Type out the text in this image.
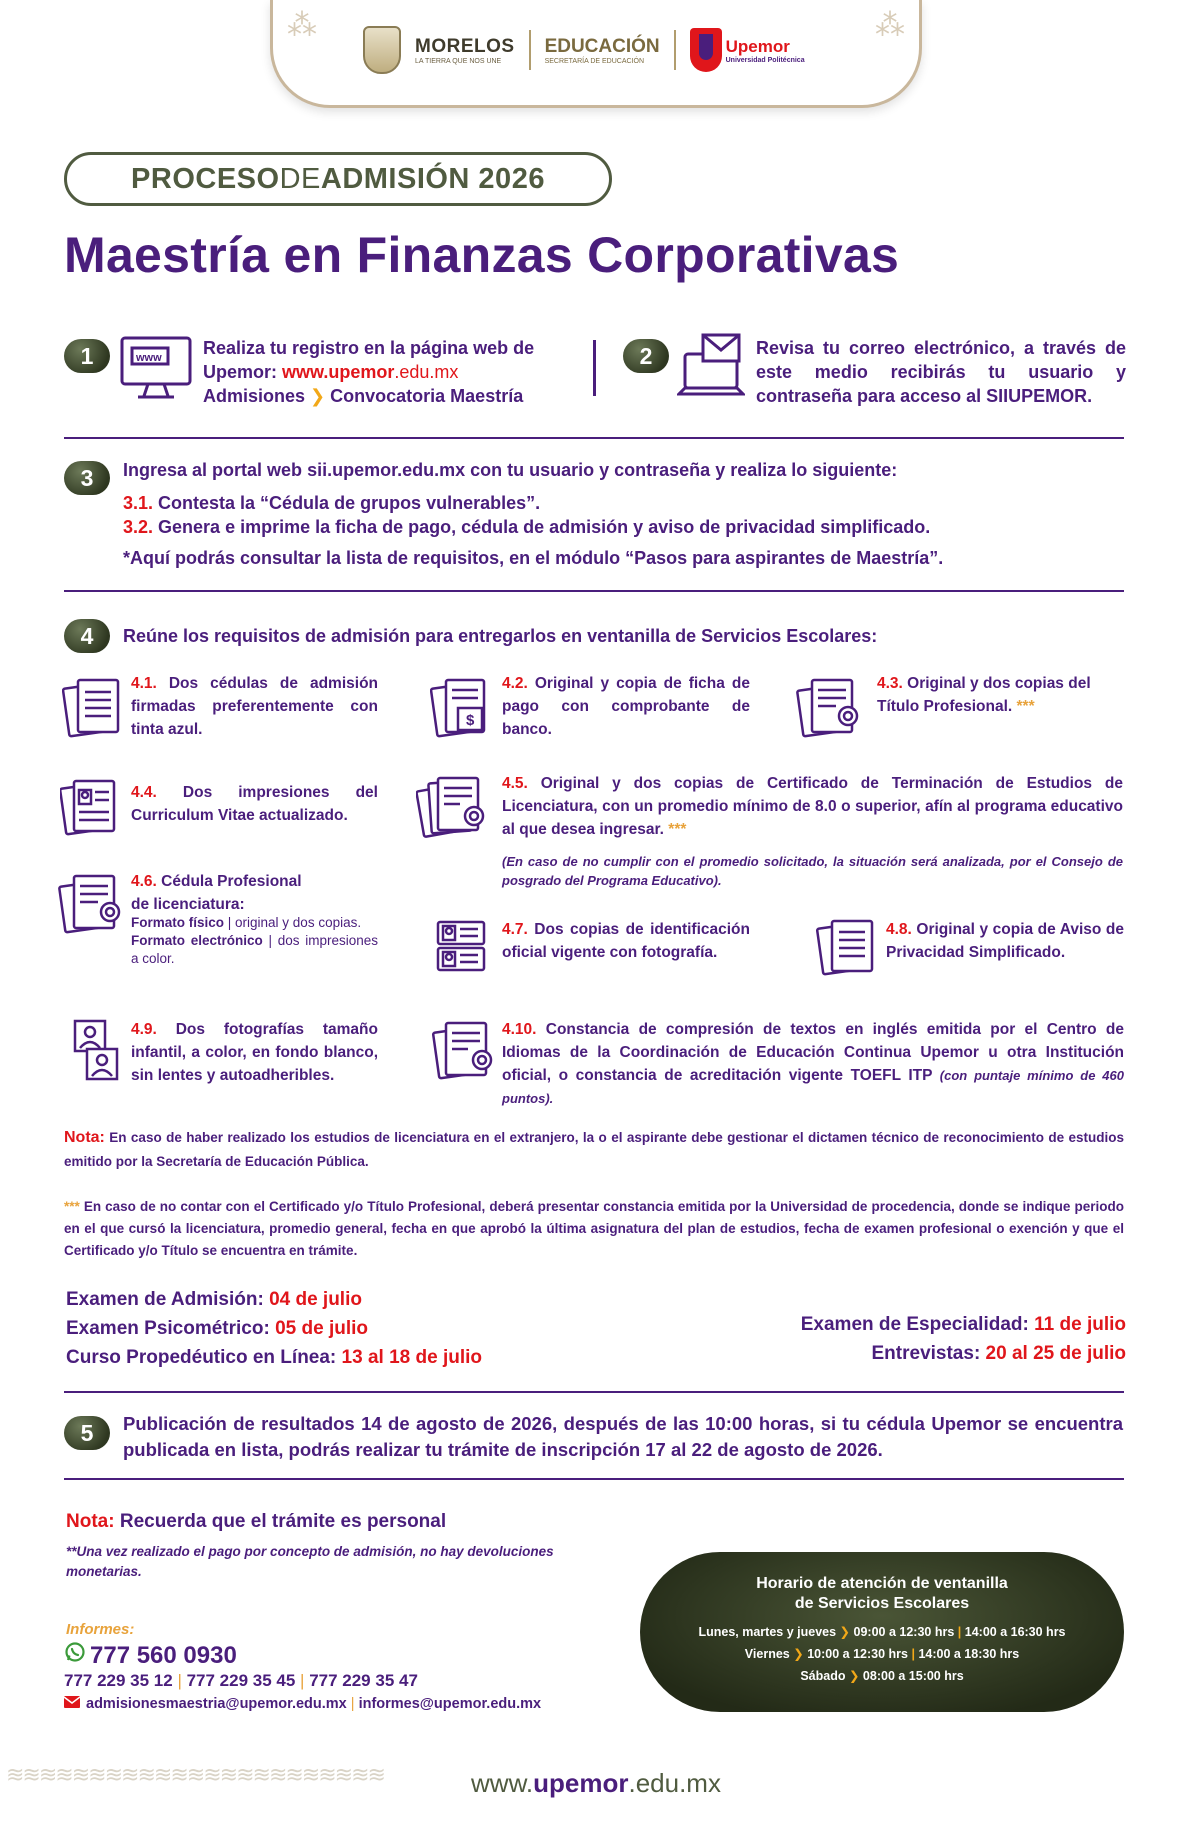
⁂	⁂
MORELOS
LA TIERRA QUE NOS UNE
EDUCACIÓN
SECRETARÍA DE EDUCACIÓN
Upemor
Universidad Politécnica
PROCESO DE ADMISIÓN 2026
Maestría en Finanzas Corporativas
1	www Realiza tu registro en la página web de
Upemor: www.upemor.edu.mx
Admisiones ❯ Convocatoria Maestría
2	Revisa tu correo electrónico, a través de este medio recibirás tu usuario y contraseña para acceso al SIIUPEMOR.
3	Ingresa al portal web sii.upemor.edu.mx con tu usuario y contraseña y realiza lo siguiente:
3.1. Contesta la “Cédula de grupos vulnerables”.
3.2. Genera e imprime la ficha de pago, cédula de admisión y aviso de privacidad simplificado.
*Aquí podrás consultar la lista de requisitos, en el módulo “Pasos para aspirantes de Maestría”.
4	Reúne los requisitos de admisión para entregarlos en ventanilla de Servicios Escolares:
4.1. Dos cédulas de admisión firmadas preferentemente con tinta azul.
$
4.2. Original y copia de ficha de pago con comprobante de banco.
4.3. Original y dos copias del Título Profesional. ***
4.4. Dos impresiones del Curriculum Vitae actualizado.
4.5. Original y dos copias de Certificado de Terminación de Estudios de Licenciatura, con un promedio mínimo de 8.0 o superior, afín al programa educativo al que desea ingresar. ***
(En caso de no cumplir con el promedio solicitado, la situación será analizada, por el Consejo de posgrado del Programa Educativo).
4.6. Cédula Profesional
de licenciatura:
Formato físico | original y dos copias.
Formato electrónico | dos impresiones a color.
4.7. Dos copias de identificación oficial vigente con fotografía.
4.8. Original y copia de Aviso de Privacidad Simplificado.
4.9. Dos fotografías tamaño infantil, a color, en fondo blanco, sin lentes y autoadheribles.
4.10. Constancia de compresión de textos en inglés emitida por el Centro de Idiomas de la Coordinación de Educación Continua Upemor u otra Institución oficial, o constancia de acreditación vigente TOEFL ITP (con puntaje mínimo de 460 puntos).
Nota: En caso de haber realizado los estudios de licenciatura en el extranjero, la o el aspirante debe gestionar el dictamen técnico de reconocimiento de estudios emitido por la Secretaría de Educación Pública.
*** En caso de no contar con el Certificado y/o Título Profesional, deberá presentar constancia emitida por la Universidad de procedencia, donde se indique periodo en el que cursó la licenciatura, promedio general, fecha en que aprobó la última asignatura del plan de estudios, fecha de examen profesional o exención y que el Certificado y/o Título se encuentra en trámite.
Examen de Admisión: 04 de julio
Examen Psicométrico: 05 de julio
Curso Propedéutico en Línea: 13 al 18 de julio
Examen de Especialidad: 11 de julio
Entrevistas: 20 al 25 de julio
5	Publicación de resultados 14 de agosto de 2026, después de las 10:00 horas, si tu cédula Upemor se encuentra publicada en lista, podrás realizar tu trámite de inscripción 17 al 22 de agosto de 2026.
Nota: Recuerda que el trámite es personal
**Una vez realizado el pago por concepto de admisión, no hay devoluciones monetarias.
Informes:
777 560 0930
777 229 35 12 | 777 229 35 45 | 777 229 35 47
admisionesmaestria@upemor.edu.mx | informes@upemor.edu.mx
Horario de atención de ventanilla
de Servicios Escolares
Lunes, martes y jueves ❯ 09:00 a 12:30 hrs | 14:00 a 16:30 hrs
Viernes ❯ 10:00 a 12:30 hrs | 14:00 a 18:30 hrs
Sábado ❯ 08:00 a 15:00 hrs
≋≋≋≋≋≋≋≋≋≋≋≋≋≋≋≋≋≋≋≋≋≋≋	www.upemor.edu.mx
